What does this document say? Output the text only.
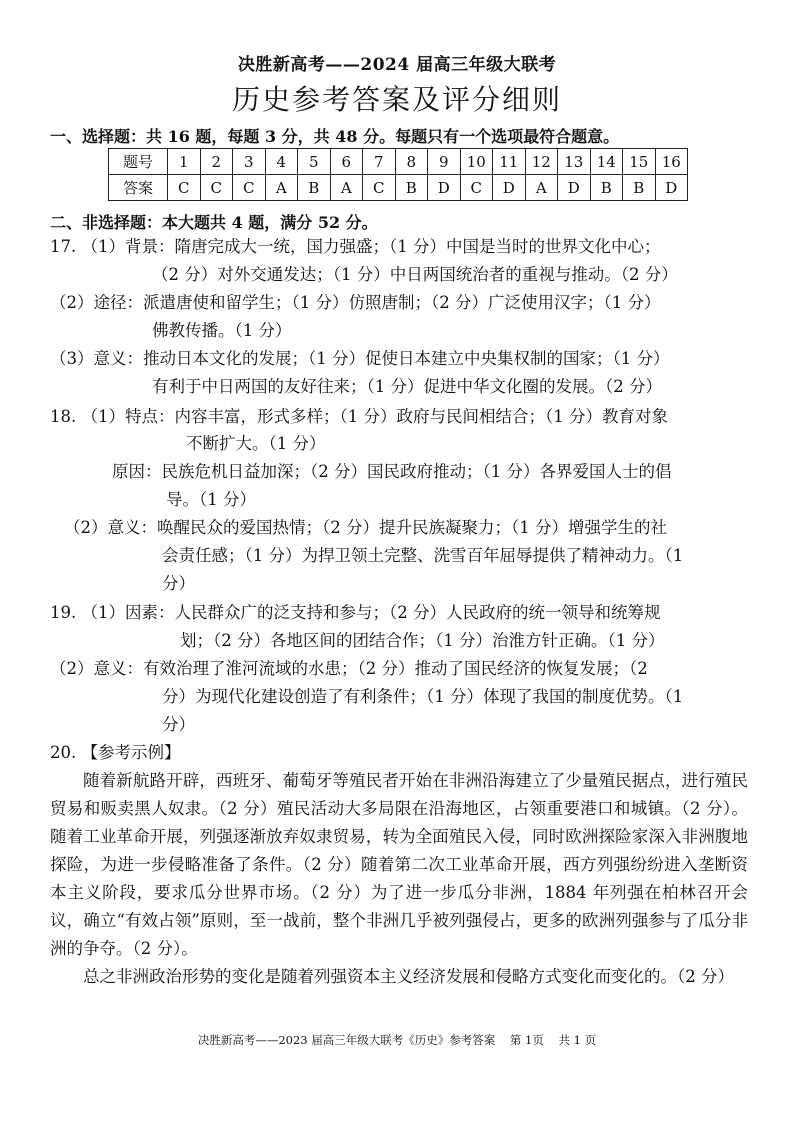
决胜新高考——2024 届高三年级大联考
历史参考答案及评分细则
一、选择题：共 16 题，每题 3 分，共 48 分。每题只有一个选项最符合题意。
题号	1	2	3	4	5	6	7	8	9	10	11	12	13	14	15	16
答案	C	C	C	A	B	A	C	B	D	C	D	A	D	B	B	D
二、非选择题：本大题共 4 题，满分 52 分。
17. （1）背景：隋唐完成大一统，国力强盛；（1 分）中国是当时的世界文化中心；
（2 分）对外交通发达；（1 分）中日两国统治者的重视与推动。（2 分）
（2）途径：派遣唐使和留学生；（1 分）仿照唐制；（2 分）广泛使用汉字；（1 分）
佛教传播。（1 分）
（3）意义：推动日本文化的发展；（1 分）促使日本建立中央集权制的国家；（1 分）
有利于中日两国的友好往来；（1 分）促进中华文化圈的发展。（2 分）
18. （1）特点：内容丰富，形式多样；（1 分）政府与民间相结合；（1 分）教育对象
不断扩大。（1 分）
原因：民族危机日益加深；（2 分）国民政府推动；（1 分）各界爱国人士的倡
导。（1 分）
（2）意义：唤醒民众的爱国热情；（2 分）提升民族凝聚力；（1 分）增强学生的社
会责任感；（1 分）为捍卫领土完整、洗雪百年屈辱提供了精神动力。（1
分）
19. （1）因素：人民群众广的泛支持和参与；（2 分）人民政府的统一领导和统筹规
划；（2 分）各地区间的团结合作；（1 分）治淮方针正确。（1 分）
（2）意义：有效治理了淮河流域的水患；（2 分）推动了国民经济的恢复发展；（2
分）为现代化建设创造了有利条件；（1 分）体现了我国的制度优势。（1
分）
20. 【参考示例】
随着新航路开辟，西班牙、葡萄牙等殖民者开始在非洲沿海建立了少量殖民据点，进行殖民贸易和贩卖黑人奴隶。（2 分）殖民活动大多局限在沿海地区，占领重要港口和城镇。（2 分）。随着工业革命开展，列强逐渐放弃奴隶贸易，转为全面殖民入侵，同时欧洲探险家深入非洲腹地探险，为进一步侵略准备了条件。（2 分）随着第二次工业革命开展，西方列强纷纷进入垄断资本主义阶段，要求瓜分世界市场。（2 分）为了进一步瓜分非洲，1884 年列强在柏林召开会议，确立“有效占领”原则，至一战前，整个非洲几乎被列强侵占，更多的欧洲列强参与了瓜分非洲的争夺。（2 分）。
总之非洲政治形势的变化是随着列强资本主义经济发展和侵略方式变化而变化的。（2 分）
决胜新高考——2023 届高三年级大联考《历史》参考答案    第 1页    共 1 页
